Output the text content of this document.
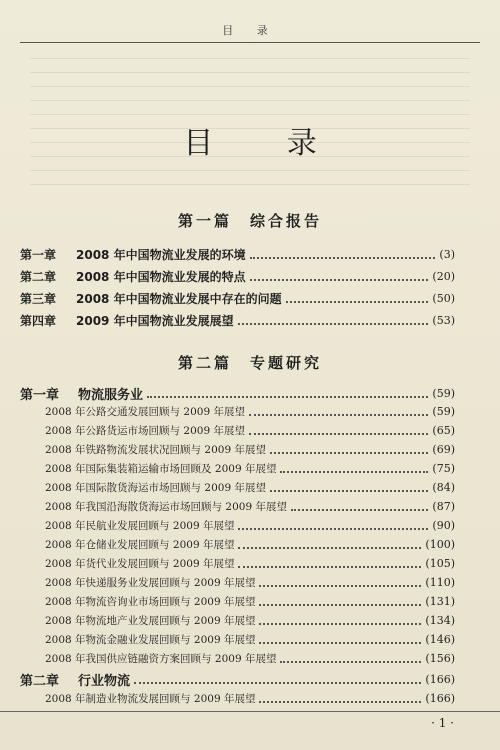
目 录
目 录
第一篇　综合报告
第一章	2008 年中国物流业发展的环境	(3)
第二章	2008 年中国物流业发展的特点	(20)
第三章	2008 年中国物流业发展中存在的问题	(50)
第四章	2009 年中国物流业发展展望	(53)
第二篇　专题研究
第一章	物流服务业	(59)
2008 年公路交通发展回顾与 2009 年展望	(59)
2008 年公路货运市场回顾与 2009 年展望	(65)
2008 年铁路物流发展状况回顾与 2009 年展望	(69)
2008 年国际集装箱运输市场回顾及 2009 年展望	(75)
2008 年国际散货海运市场回顾与 2009 年展望	(84)
2008 年我国沿海散货海运市场回顾与 2009 年展望	(87)
2008 年民航业发展回顾与 2009 年展望	(90)
2008 年仓储业发展回顾与 2009 年展望	(100)
2008 年货代业发展回顾与 2009 年展望	(105)
2008 年快递服务业发展回顾与 2009 年展望	(110)
2008 年物流咨询业市场回顾与 2009 年展望	(131)
2008 年物流地产业发展回顾与 2009 年展望	(134)
2008 年物流金融业发展回顾与 2009 年展望	(146)
2008 年我国供应链融资方案回顾与 2009 年展望	(156)
第二章	行业物流	(166)
2008 年制造业物流发展回顾与 2009 年展望	(166)
· 1 ·
